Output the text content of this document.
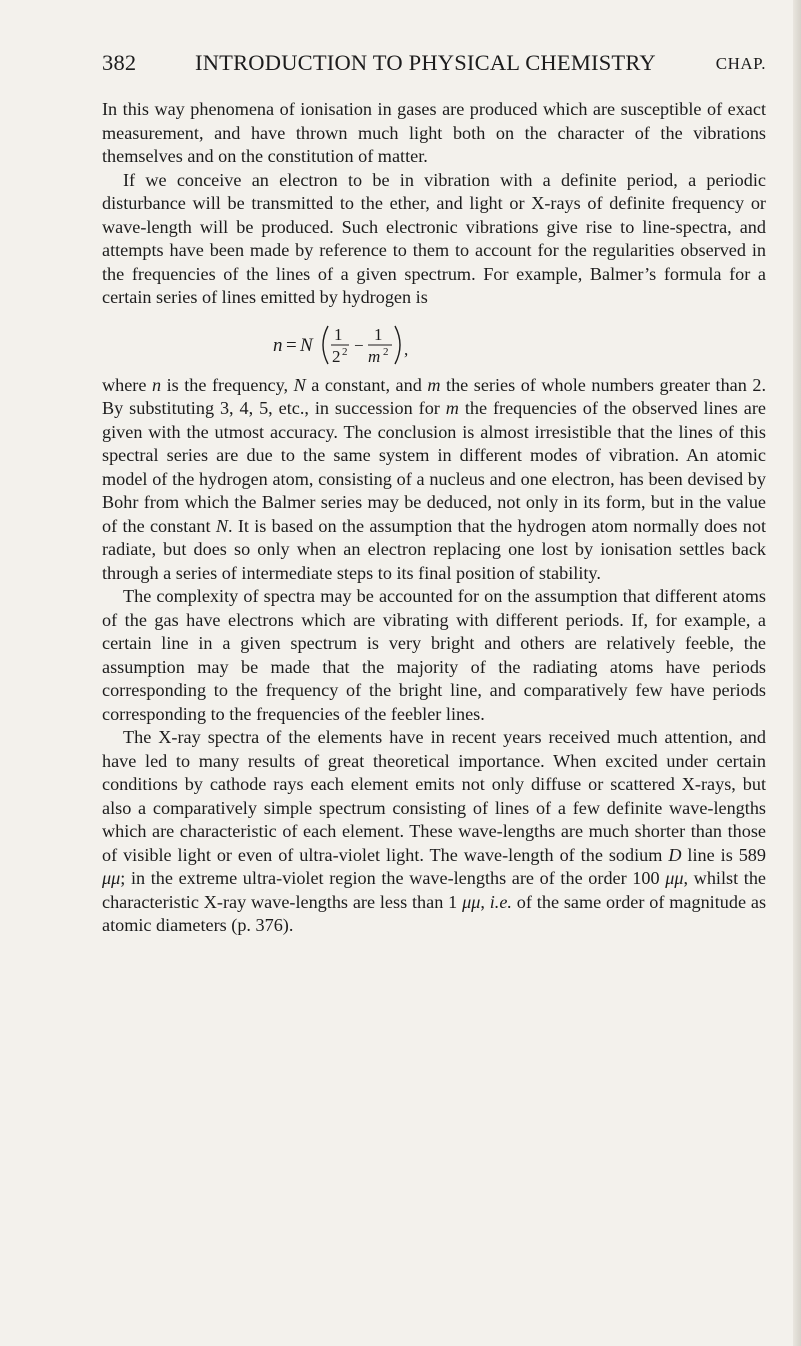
382	INTRODUCTION TO PHYSICAL CHEMISTRY	CHAP.

In this way phenomena of ionisation in gases are produced which are susceptible of exact measurement, and have thrown much light both on the character of the vibrations themselves and on the constitution of matter.

If we conceive an electron to be in vibration with a definite period, a periodic disturbance will be transmitted to the ether, and light or X-rays of definite frequency or wave-length will be produced. Such electronic vibrations give rise to line-spectra, and attempts have been made by reference to them to account for the regularities observed in the frequencies of the lines of a given spectrum. For example, Balmer’s formula for a certain series of lines emitted by hydrogen is

n = N
1
2 2 −
1
m 2 ,

where n is the frequency, N a constant, and m the series of whole numbers greater than 2. By substituting 3, 4, 5, etc., in succession for m the frequencies of the observed lines are given with the utmost accuracy. The conclusion is almost irresistible that the lines of this spectral series are due to the same system in different modes of vibration. An atomic model of the hydrogen atom, consisting of a nucleus and one electron, has been devised by Bohr from which the Balmer series may be deduced, not only in its form, but in the value of the constant N. It is based on the assumption that the hydrogen atom normally does not radiate, but does so only when an electron replacing one lost by ionisation settles back through a series of intermediate steps to its final position of stability.

The complexity of spectra may be accounted for on the assumption that different atoms of the gas have electrons which are vibrating with different periods. If, for example, a certain line in a given spectrum is very bright and others are relatively feeble, the assumption may be made that the majority of the radiating atoms have periods corresponding to the frequency of the bright line, and comparatively few have periods corresponding to the frequencies of the feebler lines.

The X-ray spectra of the elements have in recent years received much attention, and have led to many results of great theoretical importance. When excited under certain conditions by cathode rays each element emits not only diffuse or scattered X-rays, but also a comparatively simple spectrum consisting of lines of a few definite wave-lengths which are characteristic of each element. These wave-lengths are much shorter than those of visible light or even of ultra-violet light. The wave-length of the sodium D line is 589 μμ; in the extreme ultra-violet region the wave-lengths are of the order 100 μμ, whilst the characteristic X-ray wave-lengths are less than 1 μμ, i.e. of the same order of magnitude as atomic diameters (p. 376).
